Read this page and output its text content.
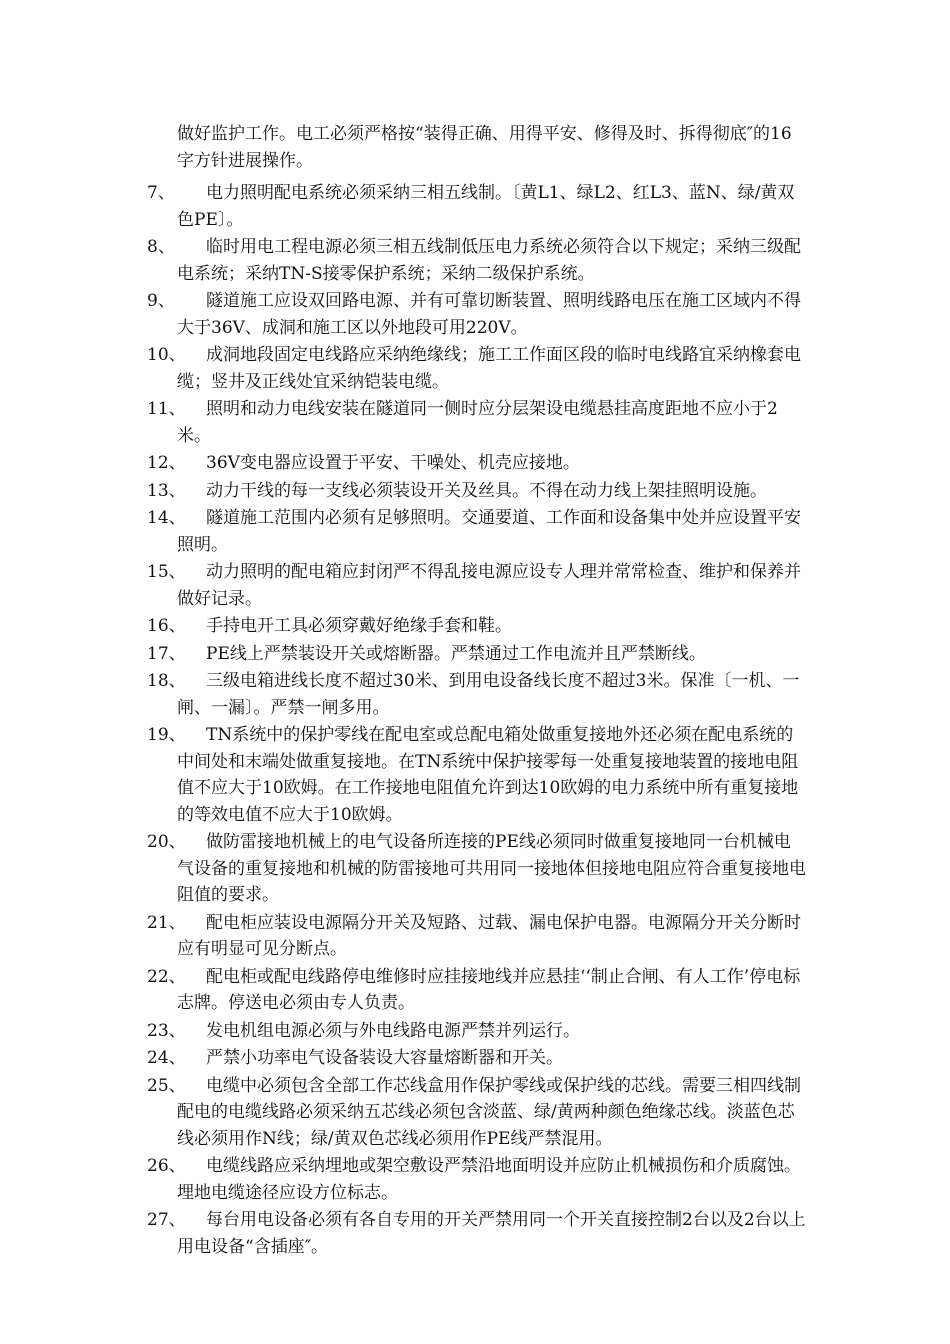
做好监护工作。电工必须严格按“装得正确、用得平安、修得及时、拆得彻底″的16字方针进展操作。
7、	电力照明配电系统必须采纳三相五线制。〔黄L1、绿L2、红L3、蓝N、绿/黄双色PE〕。
8、	临时用电工程电源必须三相五线制低压电力系统必须符合以下规定；采纳三级配电系统；采纳TN-S接零保护系统；采纳二级保护系统。
9、	隧道施工应设双回路电源、并有可靠切断装置、照明线路电压在施工区域内不得大于36V、成洞和施工区以外地段可用220V。
10、	成洞地段固定电线路应采纳绝缘线；施工工作面区段的临时电线路宜采纳橡套电缆；竖井及正线处宜采纳铠装电缆。
11、	照明和动力电线安装在隧道同一侧时应分层架设电缆悬挂高度距地不应小于2米。
12、	36V变电器应设置于平安、干噪处、机壳应接地。
13、	动力干线的每一支线必须装设开关及丝具。不得在动力线上架挂照明设施。
14、	隧道施工范围内必须有足够照明。交通要道、工作面和设备集中处并应设置平安照明。
15、	动力照明的配电箱应封闭严不得乱接电源应设专人理并常常检查、维护和保养并做好记录。
16、	手持电开工具必须穿戴好绝缘手套和鞋。
17、	PE线上严禁装设开关或熔断器。严禁通过工作电流并且严禁断线。
18、	三级电箱进线长度不超过30米、到用电设备线长度不超过3米。保准〔一机、一闸、一漏〕。严禁一闸多用。
19、	TN系统中的保护零线在配电室或总配电箱处做重复接地外还必须在配电系统的中间处和末端处做重复接地。在TN系统中保护接零每一处重复接地装置的接地电阻值不应大于10欧姆。在工作接地电阻值允许到达10欧姆的电力系统中所有重复接地的等效电值不应大于10欧姆。
20、	做防雷接地机械上的电气设备所连接的PE线必须同时做重复接地同一台机械电气设备的重复接地和机械的防雷接地可共用同一接地体但接地电阻应符合重复接地电阻值的要求。
21、	配电柜应装设电源隔分开关及短路、过载、漏电保护电器。电源隔分开关分断时应有明显可见分断点。
22、	配电柜或配电线路停电维修时应挂接地线并应悬挂‘‘制止合闸、有人工作’停电标志牌。停送电必须由专人负责。
23、	发电机组电源必须与外电线路电源严禁并列运行。
24、	严禁小功率电气设备装设大容量熔断器和开关。
25、	电缆中必须包含全部工作芯线盒用作保护零线或保护线的芯线。需要三相四线制配电的电缆线路必须采纳五芯线必须包含淡蓝、绿/黄两种颜色绝缘芯线。淡蓝色芯线必须用作N线；绿/黄双色芯线必须用作PE线严禁混用。
26、	电缆线路应采纳埋地或架空敷设严禁沿地面明设并应防止机械损伤和介质腐蚀。埋地电缆途径应设方位标志。
27、	每台用电设备必须有各自专用的开关严禁用同一个开关直接控制2台以及2台以上用电设备“含插座″。
